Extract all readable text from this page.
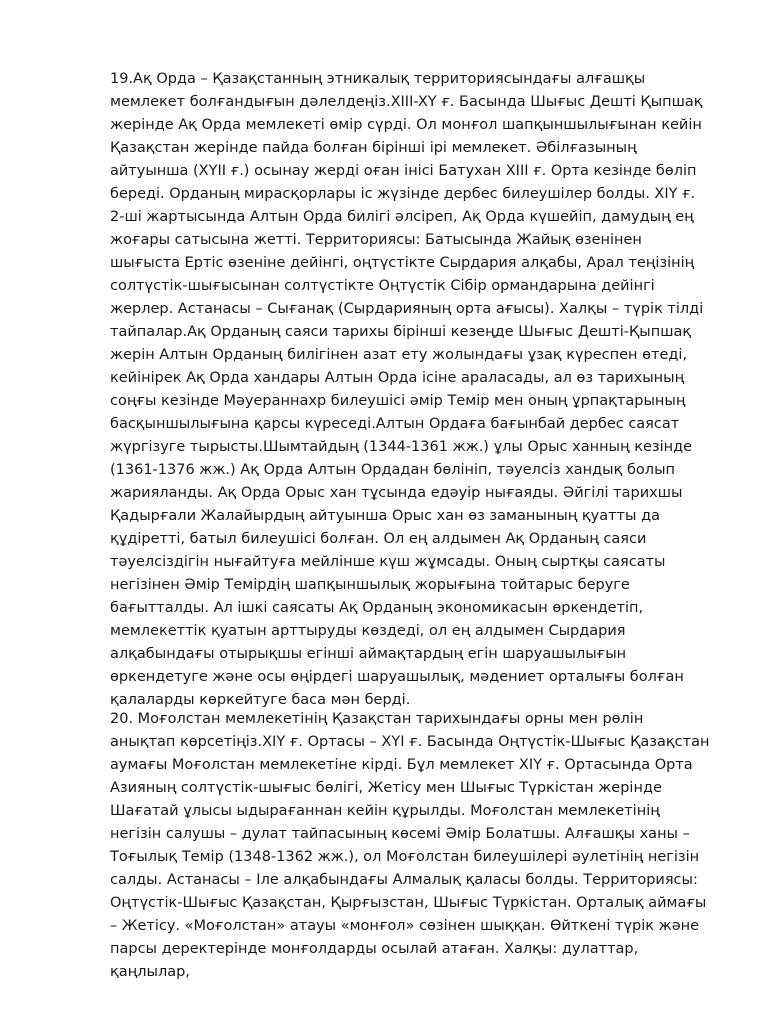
19.Ақ Орда – Қазақстанның этникалық территориясындағы алғашқы мемлекет болғандығын дәлелдеңіз.XIII-XY ғ. Басында Шығыс Дешті Қыпшақ жерінде Ақ Орда мемлекеті өмір сүрді. Ол монғол шапқыншылығынан кейін Қазақстан жерінде пайда болған бірінші ірі мемлекет. Әбілғазының айтуынша (XYII ғ.) осынау жерді оған інісі Батухан XIII ғ. Орта кезінде бөліп береді. Орданың мирасқорлары іс жүзінде дербес билеушілер болды. XIY ғ. 2-ші жартысында Алтын Орда билігі әлсіреп, Ақ Орда күшейіп, дамудың ең жоғары сатысына жетті. Территориясы: Батысында Жайық өзенінен шығыста Ертіс өзеніне дейінгі, оңтүстікте Сырдария алқабы, Арал теңізінің солтүстік-шығысынан солтүстікте Оңтүстік Сібір ормандарына дейінгі жерлер. Астанасы – Сығанақ (Сырдарияның орта ағысы). Халқы – түрік тілді тайпалар.Ақ Орданың саяси тарихы бірінші кезеңде Шығыс Дешті-Қыпшақ жерін Алтын Орданың билігінен азат ету жолындағы ұзақ күреспен өтеді, кейінірек Ақ Орда хандары Алтын Орда ісіне араласады, ал өз тарихының соңғы кезінде Мәуераннахр билеушісі әмір Темір мен оның ұрпақтарының басқыншылығына қарсы күреседі.Алтын Ордаға бағынбай дербес саясат жүргізуге тырысты.Шымтайдың (1344-1361 жж.) ұлы Орыс ханның кезінде (1361-1376 жж.) Ақ Орда Алтын Ордадан бөлініп, тәуелсіз хандық болып жарияланды. Ақ Орда Орыс хан тұсында едәуір нығаяды. Әйгілі тарихшы Қадырғали Жалайырдың айтуынша Орыс хан өз заманының қуатты да құдіретті, батыл билеушісі болған. Ол ең алдымен Ақ Орданың саяси тәуелсіздігін нығайтуға мейлінше күш жұмсады. Оның сыртқы саясаты негізінен Әмір Темірдің шапқыншылық жорығына тойтарыс беруге бағытталды. Ал ішкі саясаты Ақ Орданың экономикасын өркендетіп, мемлекеттік қуатын арттыруды көздеді, ол ең алдымен Сырдария алқабындағы отырықшы егінші аймақтардың егін шаруашылығын өркендетуге және осы өңірдегі шаруашылық, мәдениет орталығы болған қалаларды көркейтуге баса мән берді.
20. Моғолстан мемлекетінің Қазақстан тарихындағы орны мен рөлін анықтап көрсетіңіз.XIY ғ. Ортасы – XYI ғ. Басында Оңтүстік-Шығыс Қазақстан аумағы Моғолстан мемлекетіне кірді. Бұл мемлекет XIY ғ. Ортасында Орта Азияның солтүстік-шығыс бөлігі, Жетісу мен Шығыс Түркістан жерінде Шағатай ұлысы ыдырағаннан кейін құрылды. Моғолстан мемлекетінің негізін салушы – дулат тайпасының көсемі Әмір Болатшы. Алғашқы ханы – Тоғылық Темір (1348-1362 жж.), ол Моғолстан билеушілері әулетінің негізін салды. Астанасы – Іле алқабындағы Алмалық қаласы болды. Территориясы: Оңтүстік-Шығыс Қазақстан, Қырғызстан, Шығыс Түркістан. Орталық аймағы – Жетісу. «Моғолстан» атауы «монғол» сөзінен шыққан. Өйткені түрік және парсы деректерінде монғолдарды осылай атаған. Халқы: дулаттар, қаңлылар,
